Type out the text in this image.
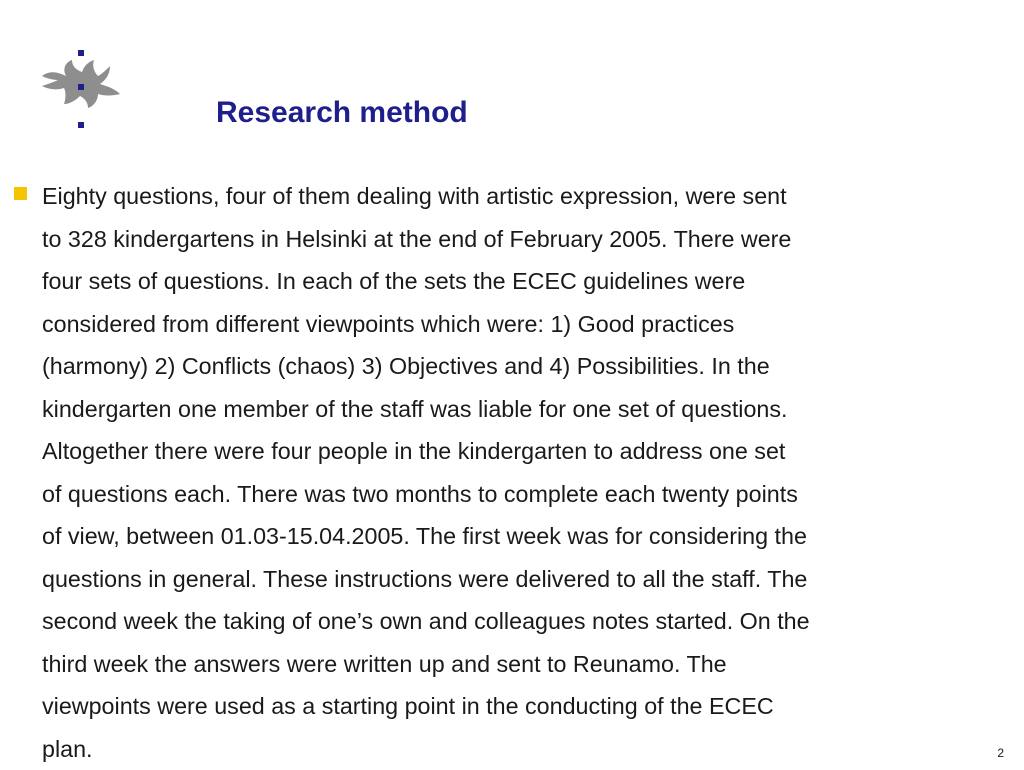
Research method
Eighty questions, four of them dealing with artistic expression, were sent
to 328 kindergartens in Helsinki at the end of February 2005. There were
four sets of questions. In each of the sets the ECEC guidelines were
considered from different viewpoints which were: 1) Good practices
(harmony) 2) Conflicts (chaos) 3) Objectives and 4) Possibilities. In the
kindergarten one member of the staff was liable for one set of questions.
Altogether there were four people in the kindergarten to address one set
of questions each. There was two months to complete each twenty points
of view, between 01.03-15.04.2005. The first week was for considering the
questions in general. These instructions were delivered to all the staff. The
second week the taking of one’s own and colleagues notes started. On the
third week the answers were written up and sent to Reunamo. The
viewpoints were used as a starting point in the conducting of the ECEC
plan.	2
